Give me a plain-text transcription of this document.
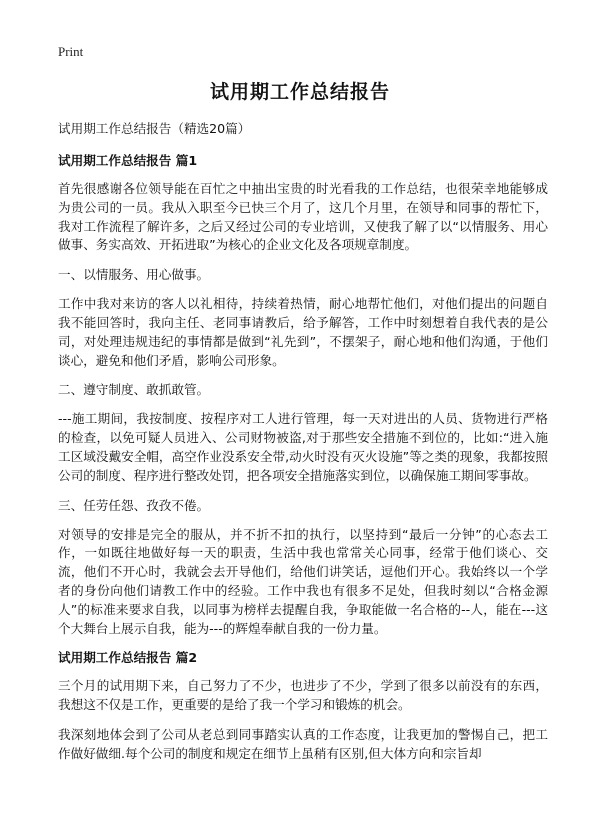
Print
试用期工作总结报告

试用期工作总结报告（精选20篇）

试用期工作总结报告 篇1

首先很感谢各位领导能在百忙之中抽出宝贵的时光看我的工作总结，也很荣幸地能够成为贵公司的一员。我从入职至今已快三个月了，这几个月里，在领导和同事的帮忙下，我对工作流程了解许多，之后又经过公司的专业培训，又使我了解了以“以情服务、用心做事、务实高效、开拓进取”为核心的企业文化及各项规章制度。

一、以情服务、用心做事。

工作中我对来访的客人以礼相待，持续着热情，耐心地帮忙他们，对他们提出的问题自我不能回答时，我向主任、老同事请教后，给予解答，工作中时刻想着自我代表的是公司，对处理违规违纪的事情都是做到“礼先到”，不摆架子，耐心地和他们沟通，于他们谈心，避免和他们矛盾，影响公司形象。

二、遵守制度、敢抓敢管。

---施工期间，我按制度、按程序对工人进行管理，每一天对进出的人员、货物进行严格的检查，以免可疑人员进入、公司财物被盗,对于那些安全措施不到位的，比如:“进入施工区域没戴安全帽，高空作业没系安全带,动火时没有灭火设施”等之类的现象，我都按照公司的制度、程序进行整改处罚，把各项安全措施落实到位，以确保施工期间零事故。

三、任劳任怨、孜孜不倦。

对领导的安排是完全的服从，并不折不扣的执行，以坚持到“最后一分钟”的心态去工作，一如既往地做好每一天的职责，生活中我也常常关心同事，经常于他们谈心、交流，他们不开心时，我就会去开导他们，给他们讲笑话，逗他们开心。我始终以一个学者的身份向他们请教工作中的经验。工作中我也有很多不足处，但我时刻以“合格金源人”的标准来要求自我，以同事为榜样去提醒自我，争取能做一名合格的--人，能在---这个大舞台上展示自我，能为---的辉煌奉献自我的一份力量。

试用期工作总结报告 篇2

三个月的试用期下来，自己努力了不少，也进步了不少，学到了很多以前没有的东西，我想这不仅是工作，更重要的是给了我一个学习和锻炼的机会。

我深刻地体会到了公司从老总到同事踏实认真的工作态度，让我更加的警惕自己，把工作做好做细.每个公司的制度和规定在细节上虽稍有区别,但大体方向和宗旨却
